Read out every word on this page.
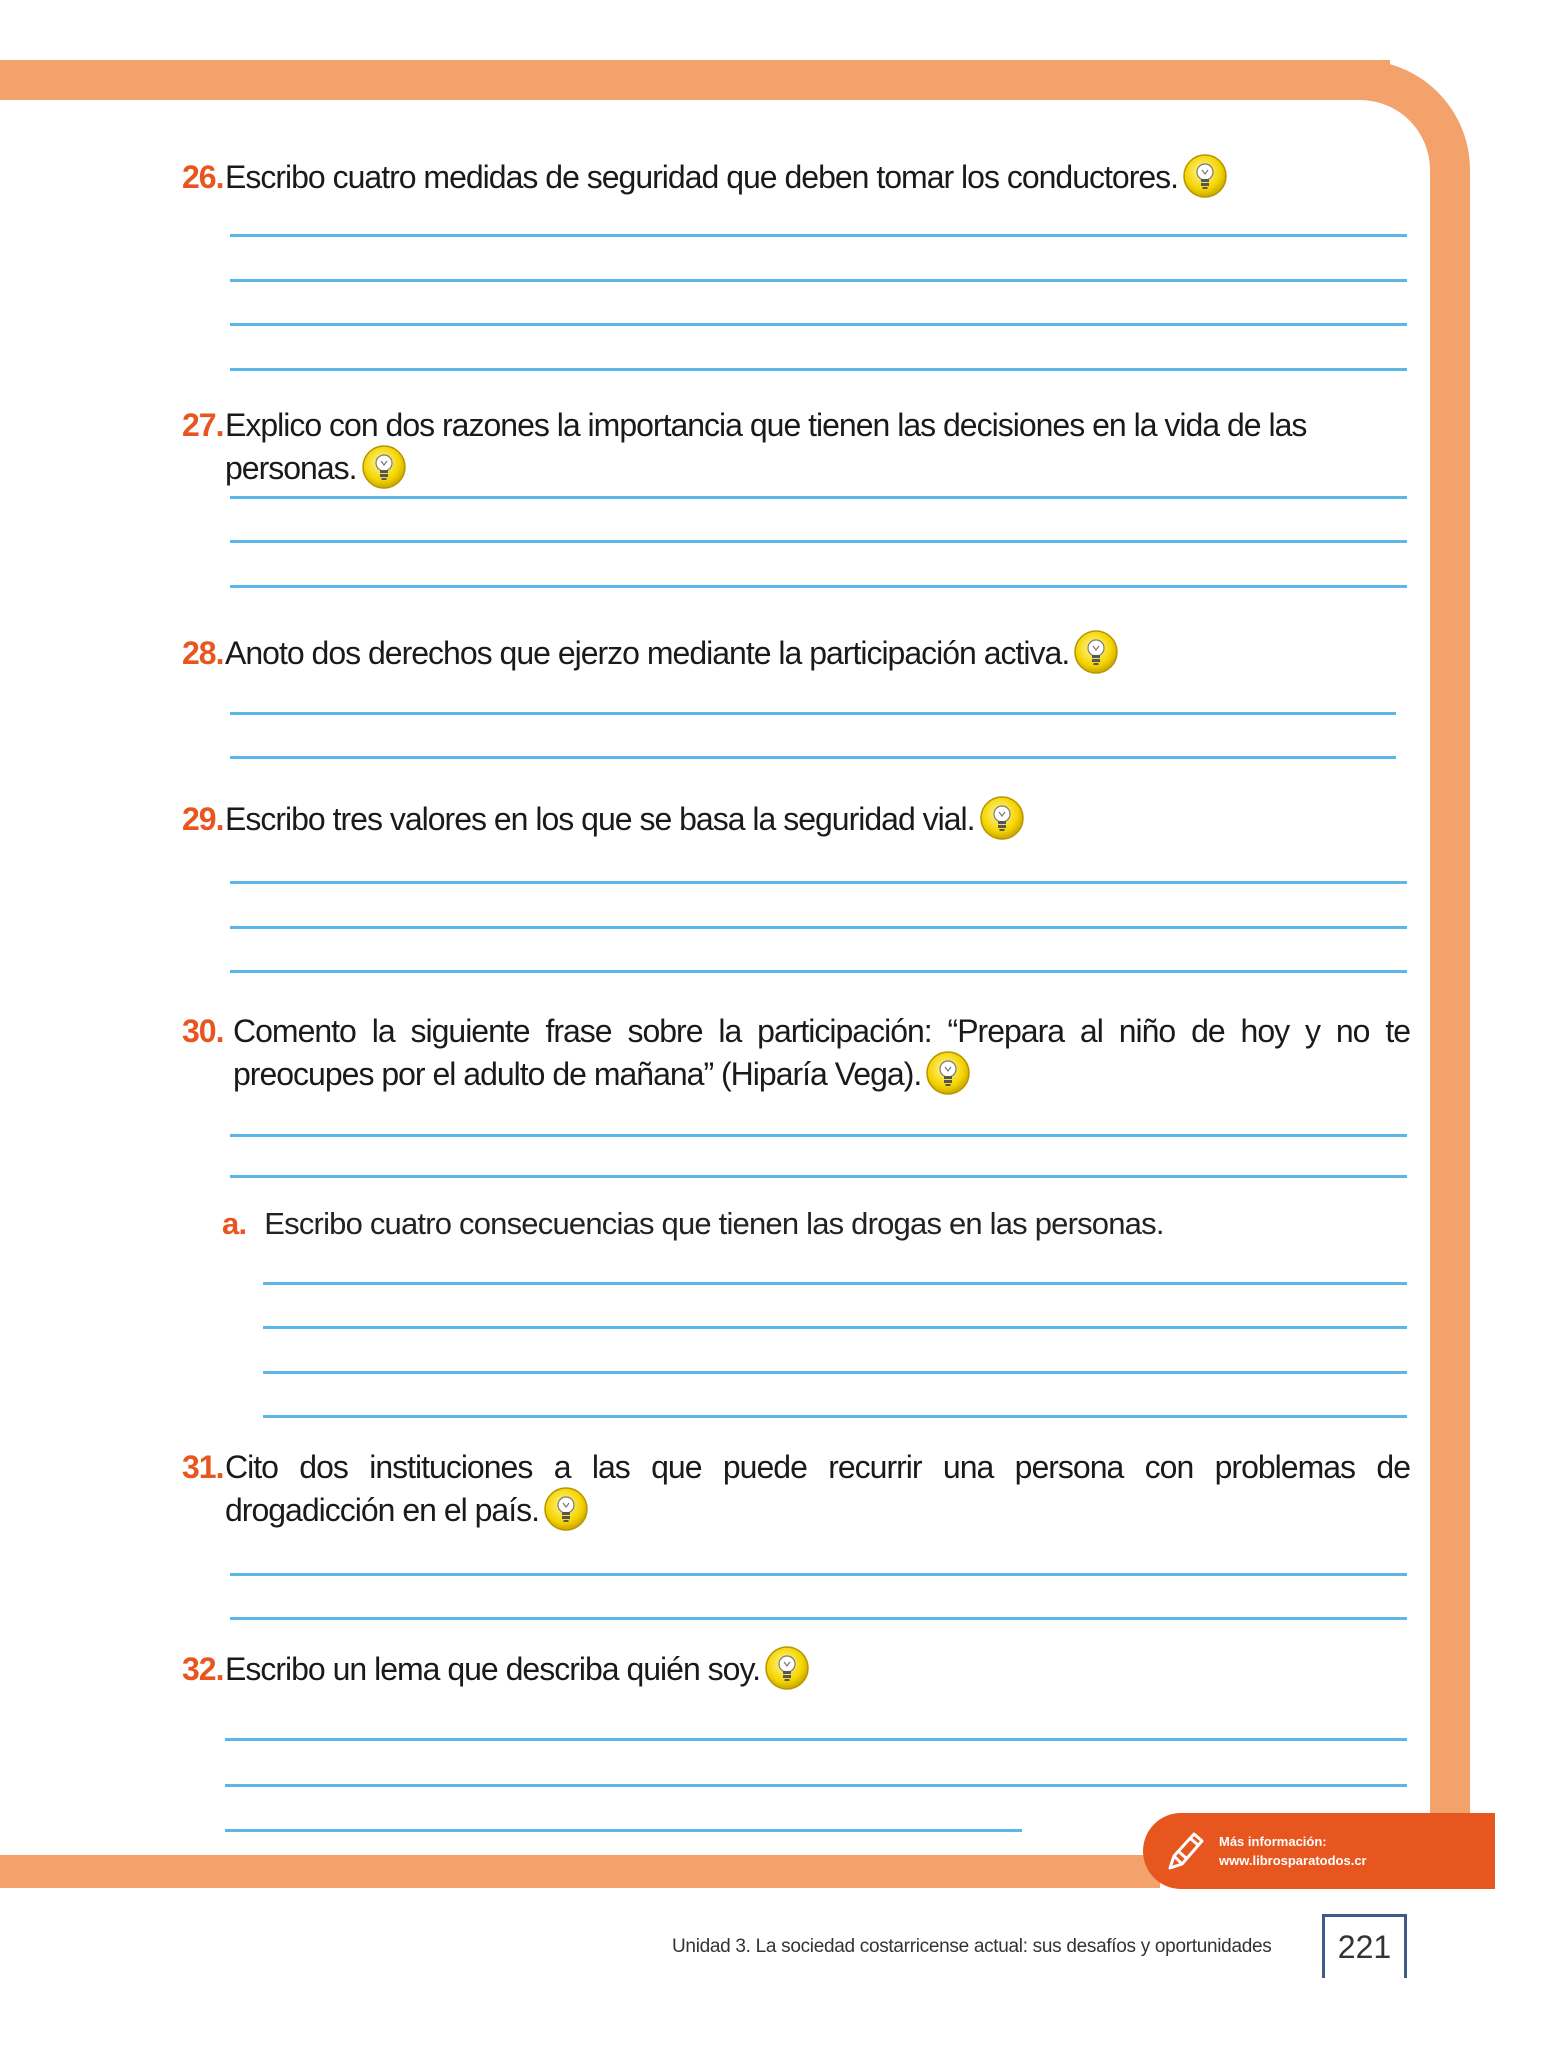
26. Escribo cuatro medidas de seguridad que deben tomar los conductores.
27. Explico con dos razones la importancia que tienen las decisiones en la vida de las personas.
28. Anoto dos derechos que ejerzo mediante la participación activa.
29. Escribo tres valores en los que se basa la seguridad vial.
30. Comento la siguiente frase sobre la participación: “Prepara al niño de hoy y no te preocupes por el adulto de mañana” (Hiparía Vega).
a. Escribo cuatro consecuencias que tienen las drogas en las personas.
31. Cito dos instituciones a las que puede recurrir una persona con problemas de drogadicción en el país.
32. Escribo un lema que describa quién soy.
Más información:
www.librosparatodos.cr
Unidad 3. La sociedad costarricense actual: sus desafíos y oportunidades 221
